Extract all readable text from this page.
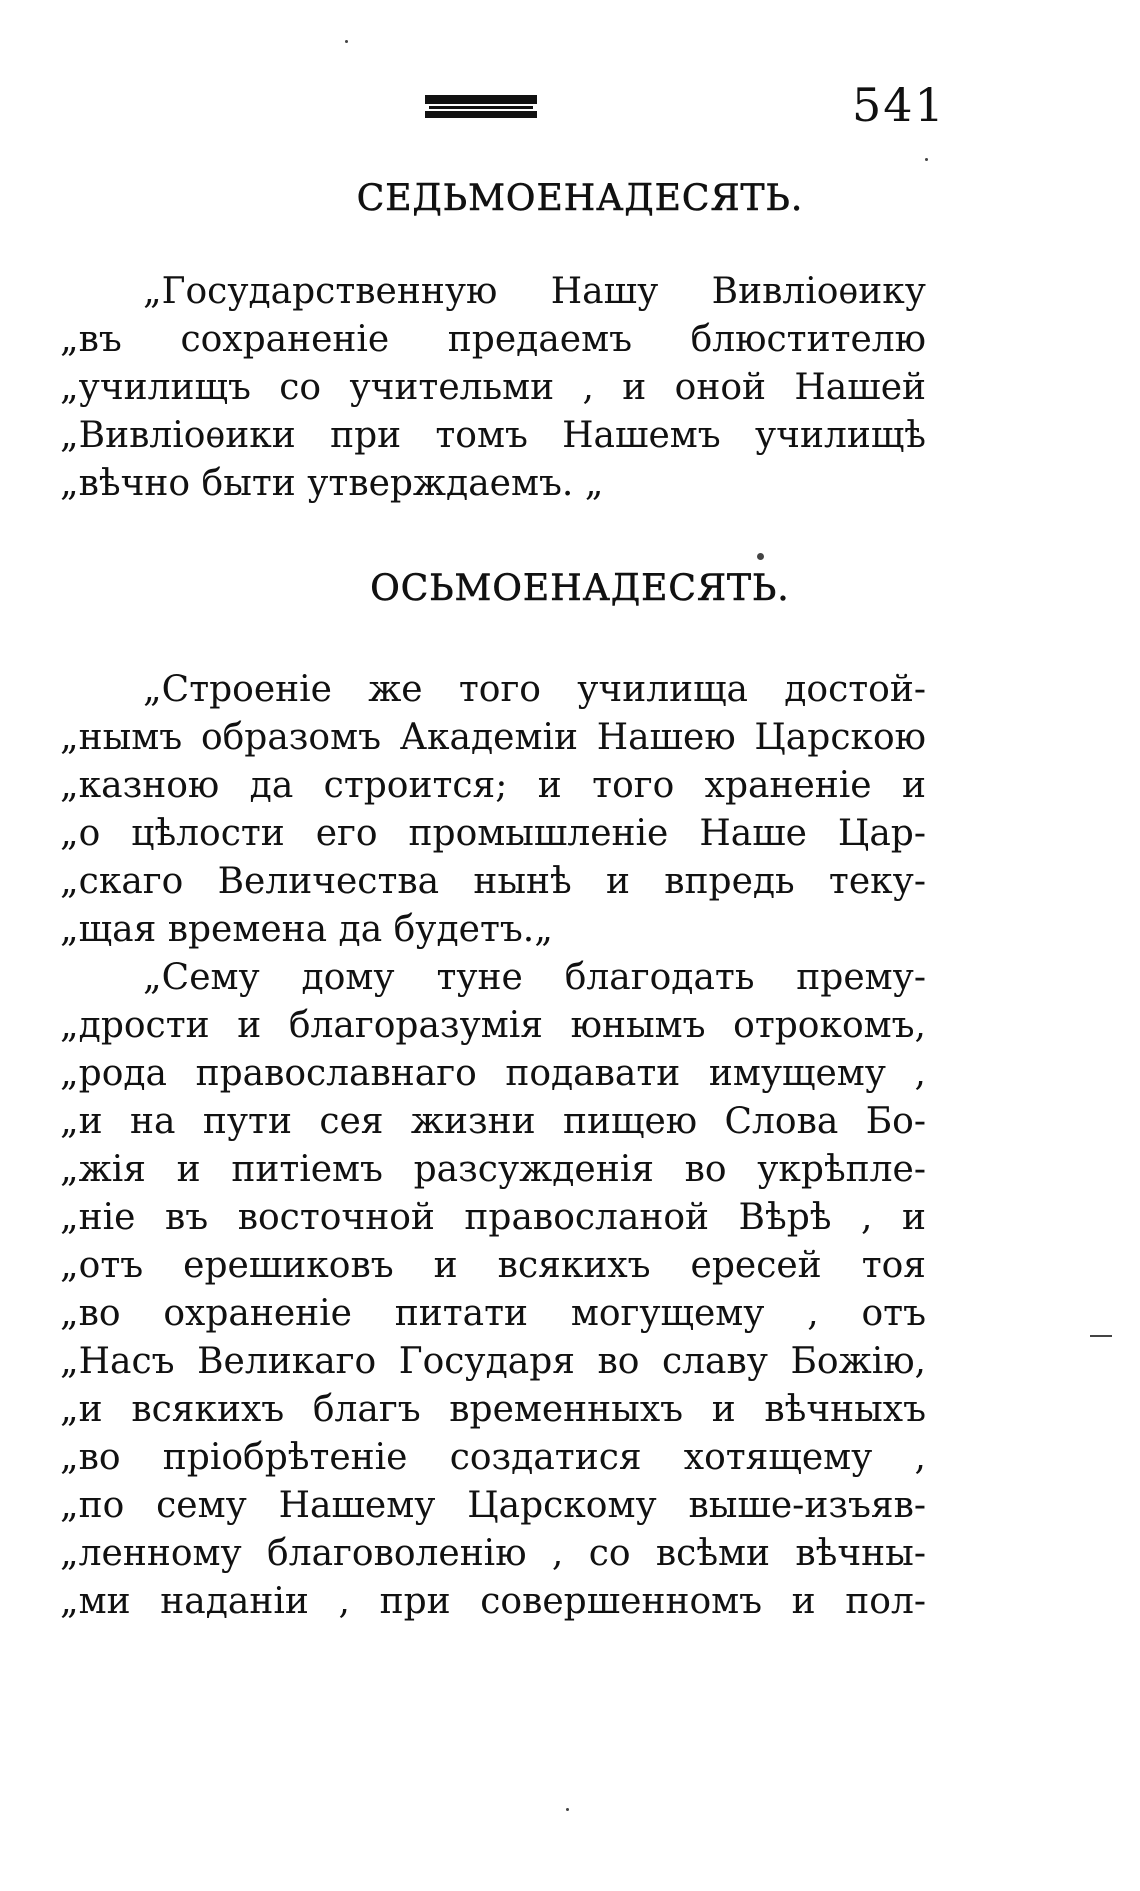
541
СЕДЬМОЕНАДЕСЯТЬ.

„Государственную Нашу Вивліоѳику

„въ сохраненіе предаемъ блюстителю

„училищъ со учительми , и оной Нашей

„Вивліоѳики при томъ Нашемъ училищѣ

„вѣчно быти утверждаемъ. „

ОСЬМОЕНАДЕСЯТЬ.

„Строеніе же того училища достой-

„нымъ образомъ Академіи Нашею Царскою

„казною да строится; и того храненіе и

„о цѣлости его промышленіе Наше Цар-

„скаго Величества нынѣ и впредь теку-

„щая времена да будетъ.„

„Сему дому туне благодать прему-

„дрости и благоразумія юнымъ отрокомъ,

„рода православнаго подавати имущему ,

„и на пути сея жизни пищею Слова Бо-

„жія и питіемъ разсужденія во укрѣпле-

„ніе въ восточной правосланой Вѣрѣ , и

„отъ ерешиковъ и всякихъ ересей тоя

„во охраненіе питати могущему , отъ

„Насъ Великаго Государя во славу Божію,

„и всякихъ благъ временныхъ и вѣчныхъ

„во пріобрѣтеніе создатися хотящему ,

„по сему Нашему Царскому выше-изъяв-

„ленному благоволенію , со всѣми вѣчны-

„ми наданіи , при совершенномъ и пол-
